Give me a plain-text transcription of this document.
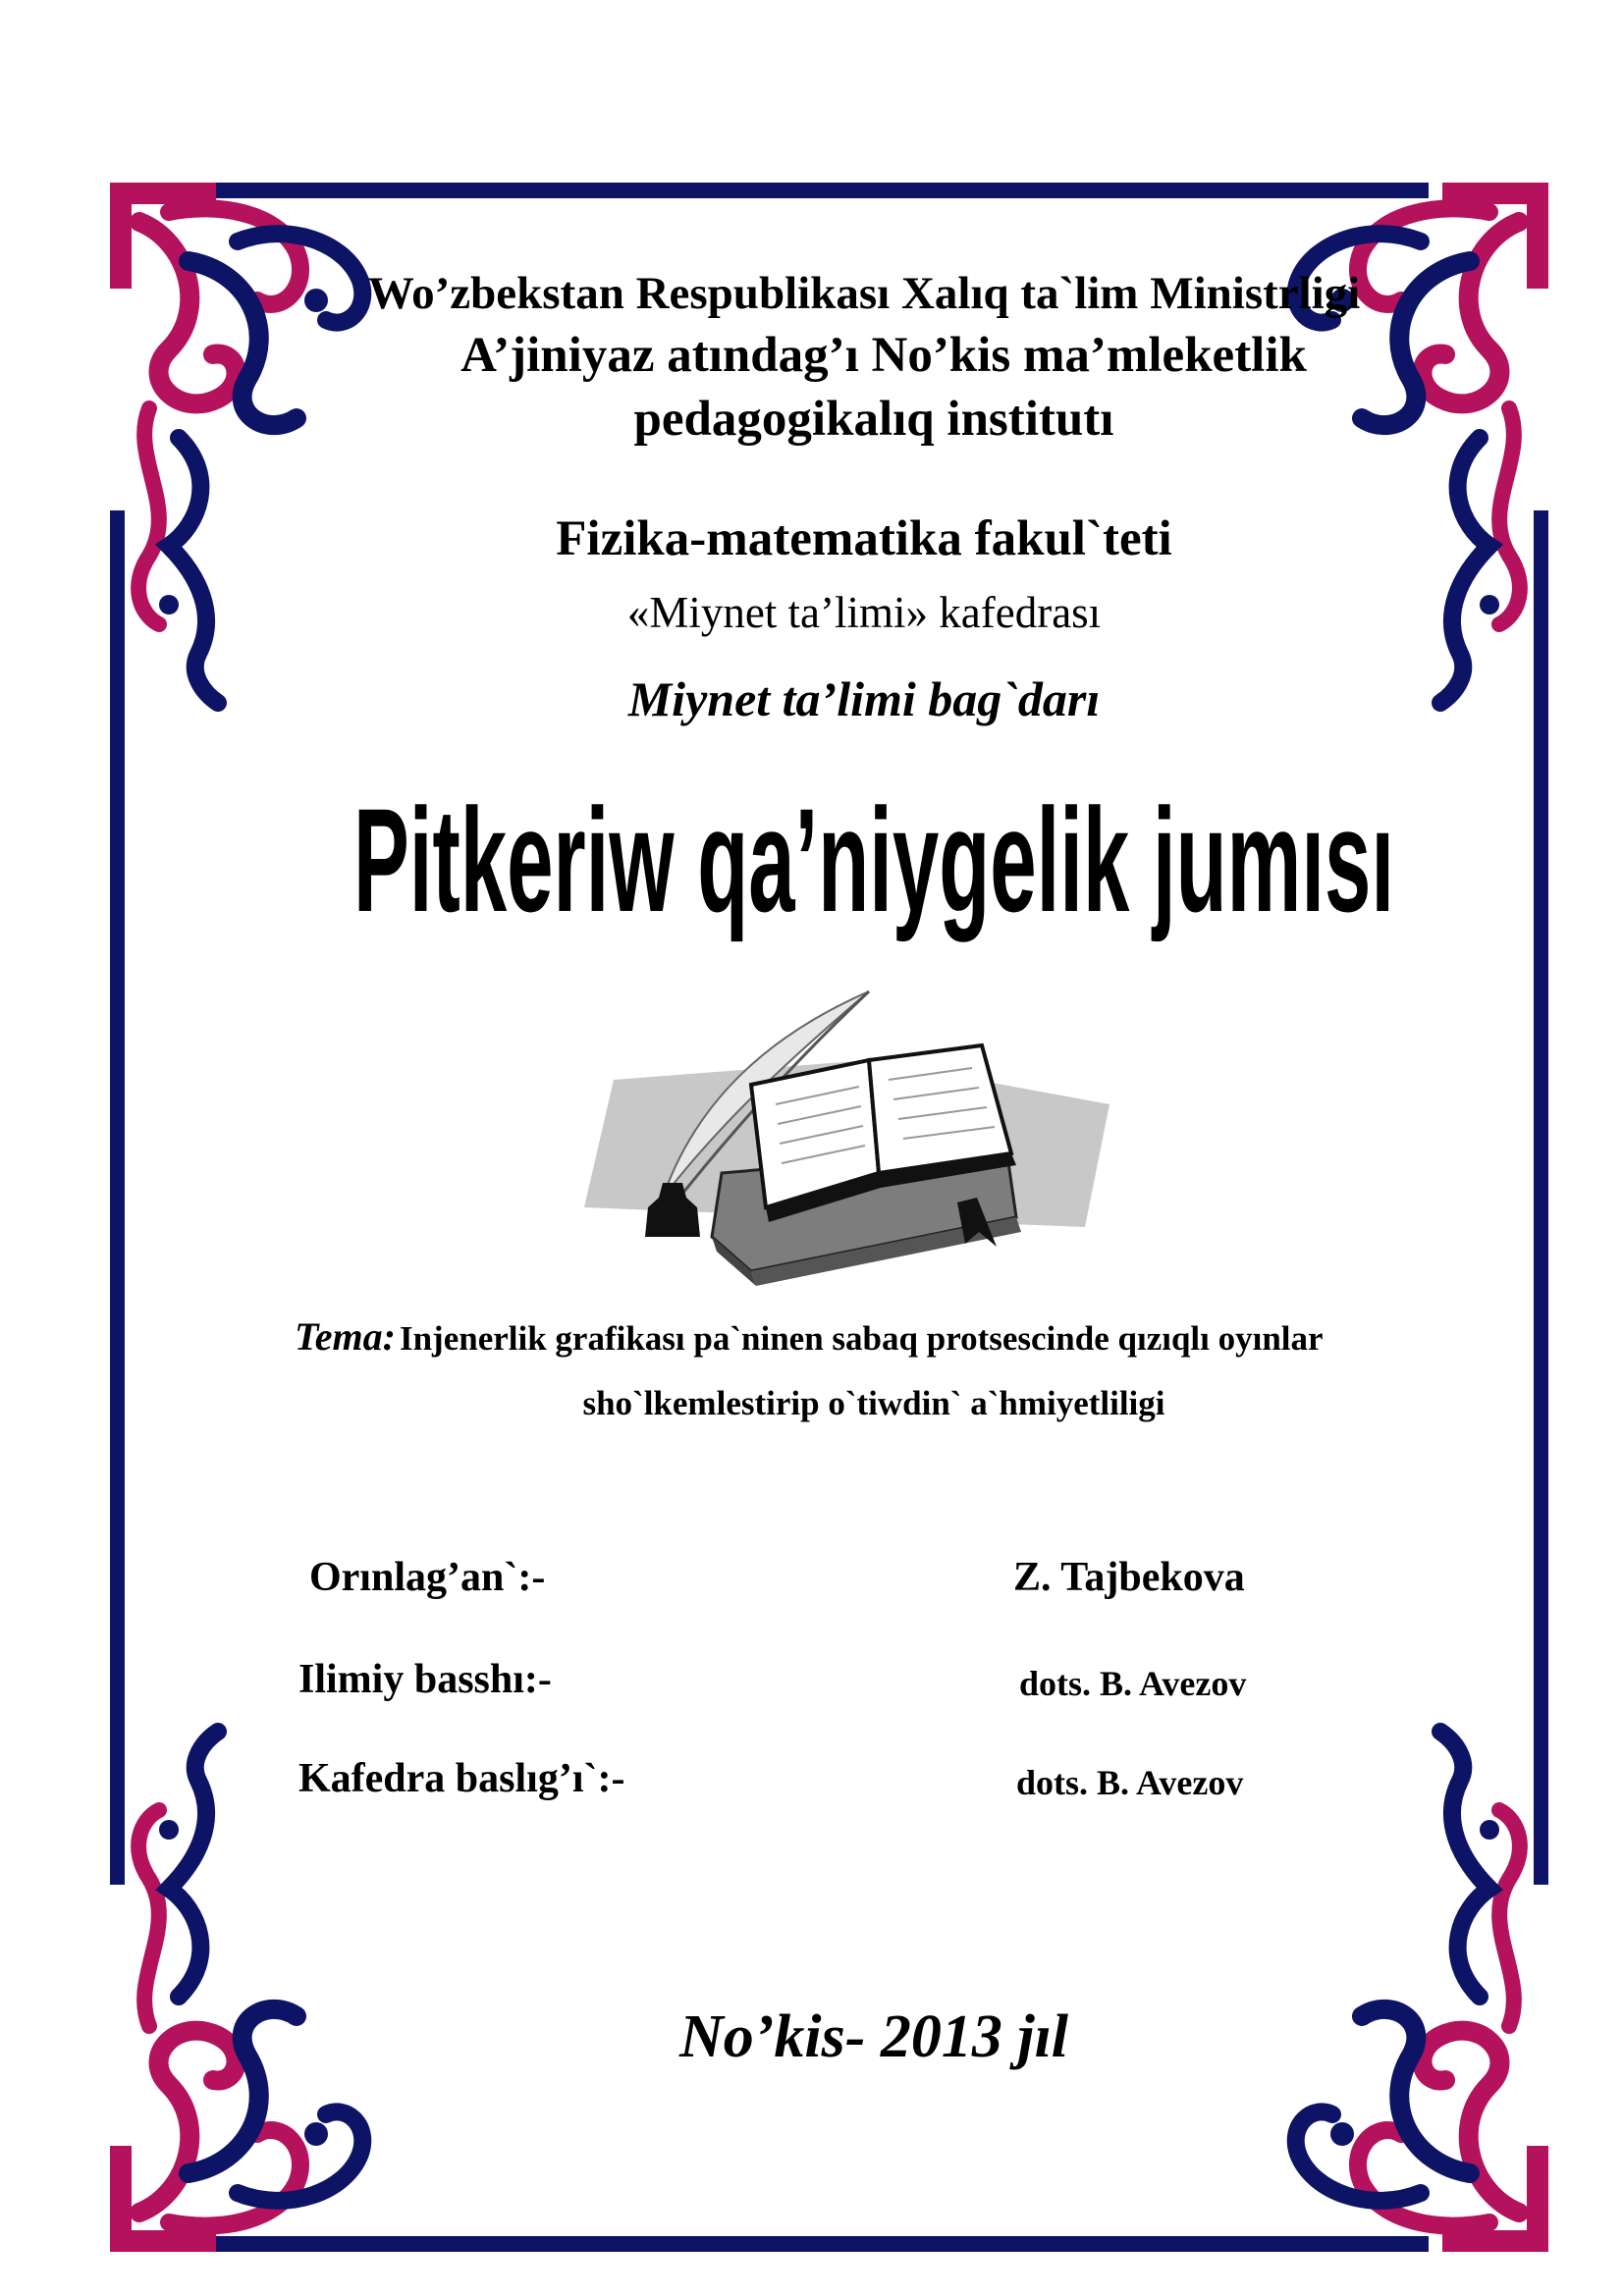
Wo’zbekstan Respublikası Xalıq ta`lim Ministrligi
A’jiniyaz atındag’ı No’kis ma’mleketlik
pedagogikalıq institutı
Fizika-matematika fakul`teti
«Miynet ta’limi» kafedrası
Miynet ta’limi bag`darı
Pitkeriw qa’niygelik jumısı
Tema: Injenerlik grafikası pa`ninen sabaq protsescinde qızıqlı oyınlar
sho`lkemlestirip o`tiwdin` a`hmiyetliligi
Orınlag’an`:-	Z. Tajbekova
Ilimiy basshı:-	dots. B. Avezov
Kafedra baslıg’ı`:-	dots. B. Avezov
No’kis- 2013 jıl
